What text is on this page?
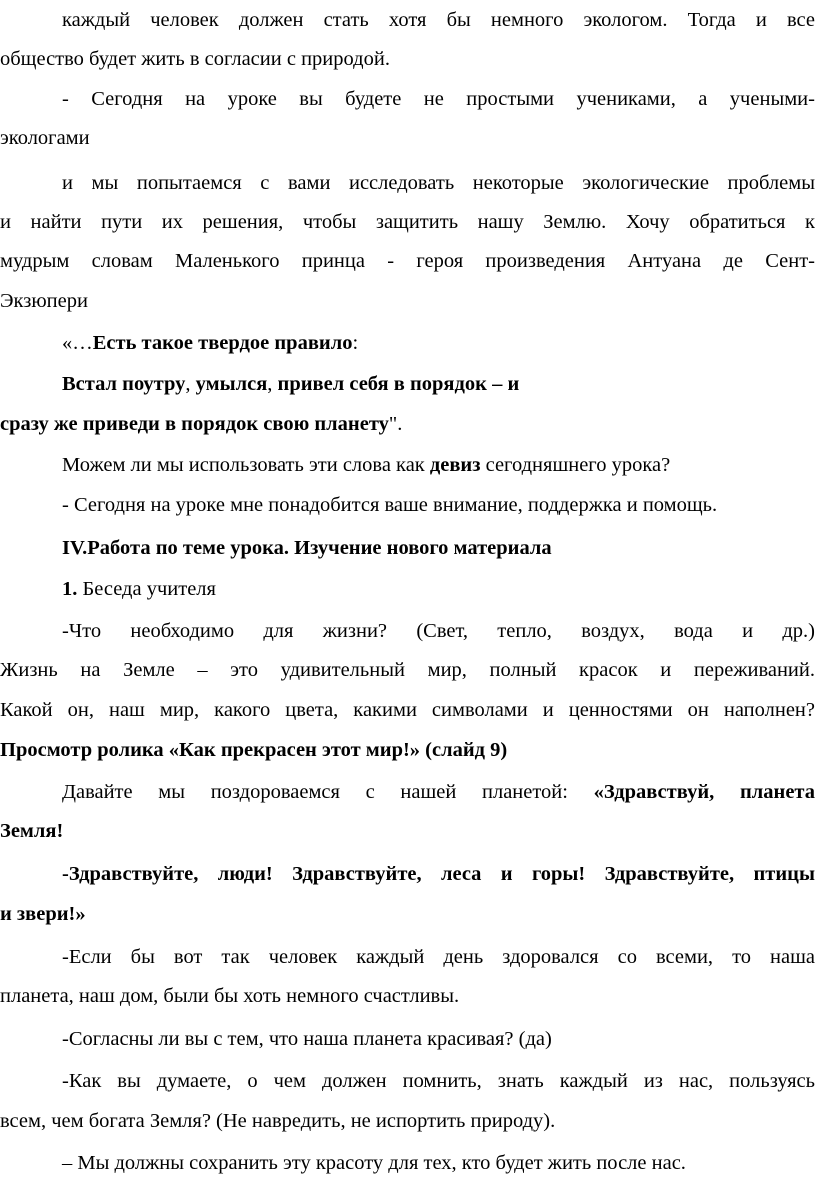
каждый человек должен стать хотя бы немного экологом. Тогда и все
общество будет жить в согласии с природой.
- Сегодня на уроке вы будете не простыми учениками, а учеными-
экологами
и мы попытаемся с вами исследовать некоторые экологические проблемы
и найти пути их решения, чтобы защитить нашу Землю. Хочу обратиться к
мудрым словам Маленького принца - героя произведения Антуана де Сент-
Экзюпери
«…Есть такое твердое правило:
Встал поутру, умылся, привел себя в порядок – и
сразу же приведи в порядок свою планету".
Можем ли мы использовать эти слова как девиз сегодняшнего урока?
- Сегодня на уроке мне понадобится ваше внимание, поддержка и помощь.
IV.Работа по теме урока. Изучение нового материала
1. Беседа учителя
-Что необходимо для жизни? (Свет, тепло, воздух, вода и др.)
Жизнь на Земле – это удивительный мир, полный красок и переживаний.
Какой он, наш мир, какого цвета, какими символами и ценностями он наполнен?
Просмотр ролика «Как прекрасен этот мир!» (слайд 9)
Давайте мы поздороваемся с нашей планетой: «Здравствуй, планета
Земля!
-Здравствуйте, люди! Здравствуйте, леса и горы! Здравствуйте, птицы
и звери!»
-Если бы вот так человек каждый день здоровался со всеми, то наша
планета, наш дом, были бы хоть немного счастливы.
-Согласны ли вы с тем, что наша планета красивая? (да)
-Как вы думаете, о чем должен помнить, знать каждый из нас, пользуясь
всем, чем богата Земля? (Не навредить, не испортить природу).
– Мы должны сохранить эту красоту для тех, кто будет жить после нас.
